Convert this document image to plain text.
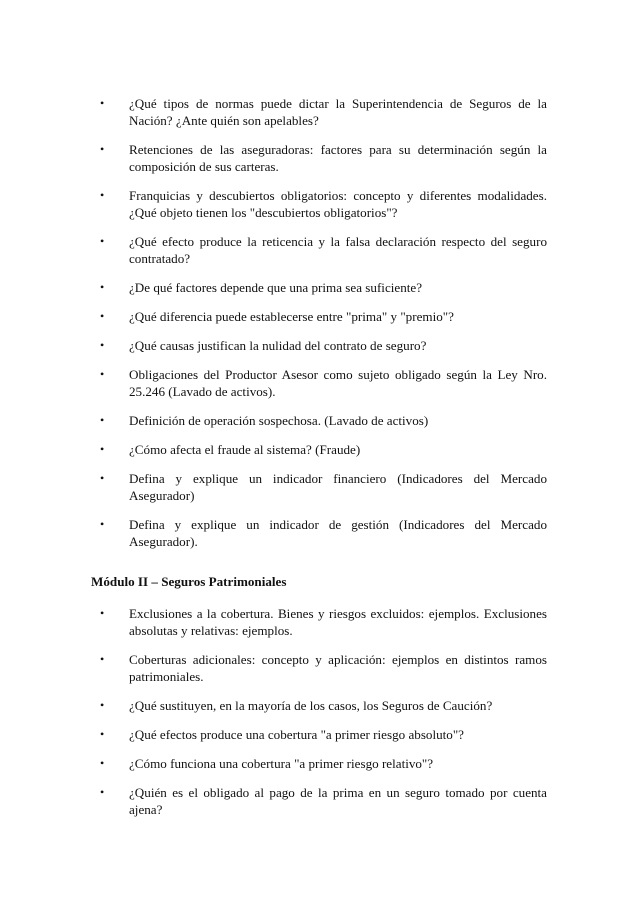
• ¿Qué tipos de normas puede dictar la Superintendencia de Seguros de la Nación? ¿Ante quién son apelables?
• Retenciones de las aseguradoras: factores para su determinación según la composición de sus carteras.
• Franquicias y descubiertos obligatorios: concepto y diferentes modalidades. ¿Qué objeto tienen los "descubiertos obligatorios"?
• ¿Qué efecto produce la reticencia y la falsa declaración respecto del seguro contratado?
• ¿De qué factores depende que una prima sea suficiente?
• ¿Qué diferencia puede establecerse entre "prima" y "premio"?
• ¿Qué causas justifican la nulidad del contrato de seguro?
• Obligaciones del Productor Asesor como sujeto obligado según la Ley Nro. 25.246 (Lavado de activos).
• Definición de operación sospechosa. (Lavado de activos)
• ¿Cómo afecta el fraude al sistema? (Fraude)
• Defina y explique un indicador financiero (Indicadores del Mercado Asegurador)
• Defina y explique un indicador de gestión (Indicadores del Mercado Asegurador).
Módulo II – Seguros Patrimoniales
• Exclusiones a la cobertura. Bienes y riesgos excluidos: ejemplos. Exclusiones absolutas y relativas: ejemplos.
• Coberturas adicionales: concepto y aplicación: ejemplos en distintos ramos patrimoniales.
• ¿Qué sustituyen, en la mayoría de los casos, los Seguros de Caución?
• ¿Qué efectos produce una cobertura "a primer riesgo absoluto"?
• ¿Cómo funciona una cobertura "a primer riesgo relativo"?
• ¿Quién es el obligado al pago de la prima en un seguro tomado por cuenta ajena?
